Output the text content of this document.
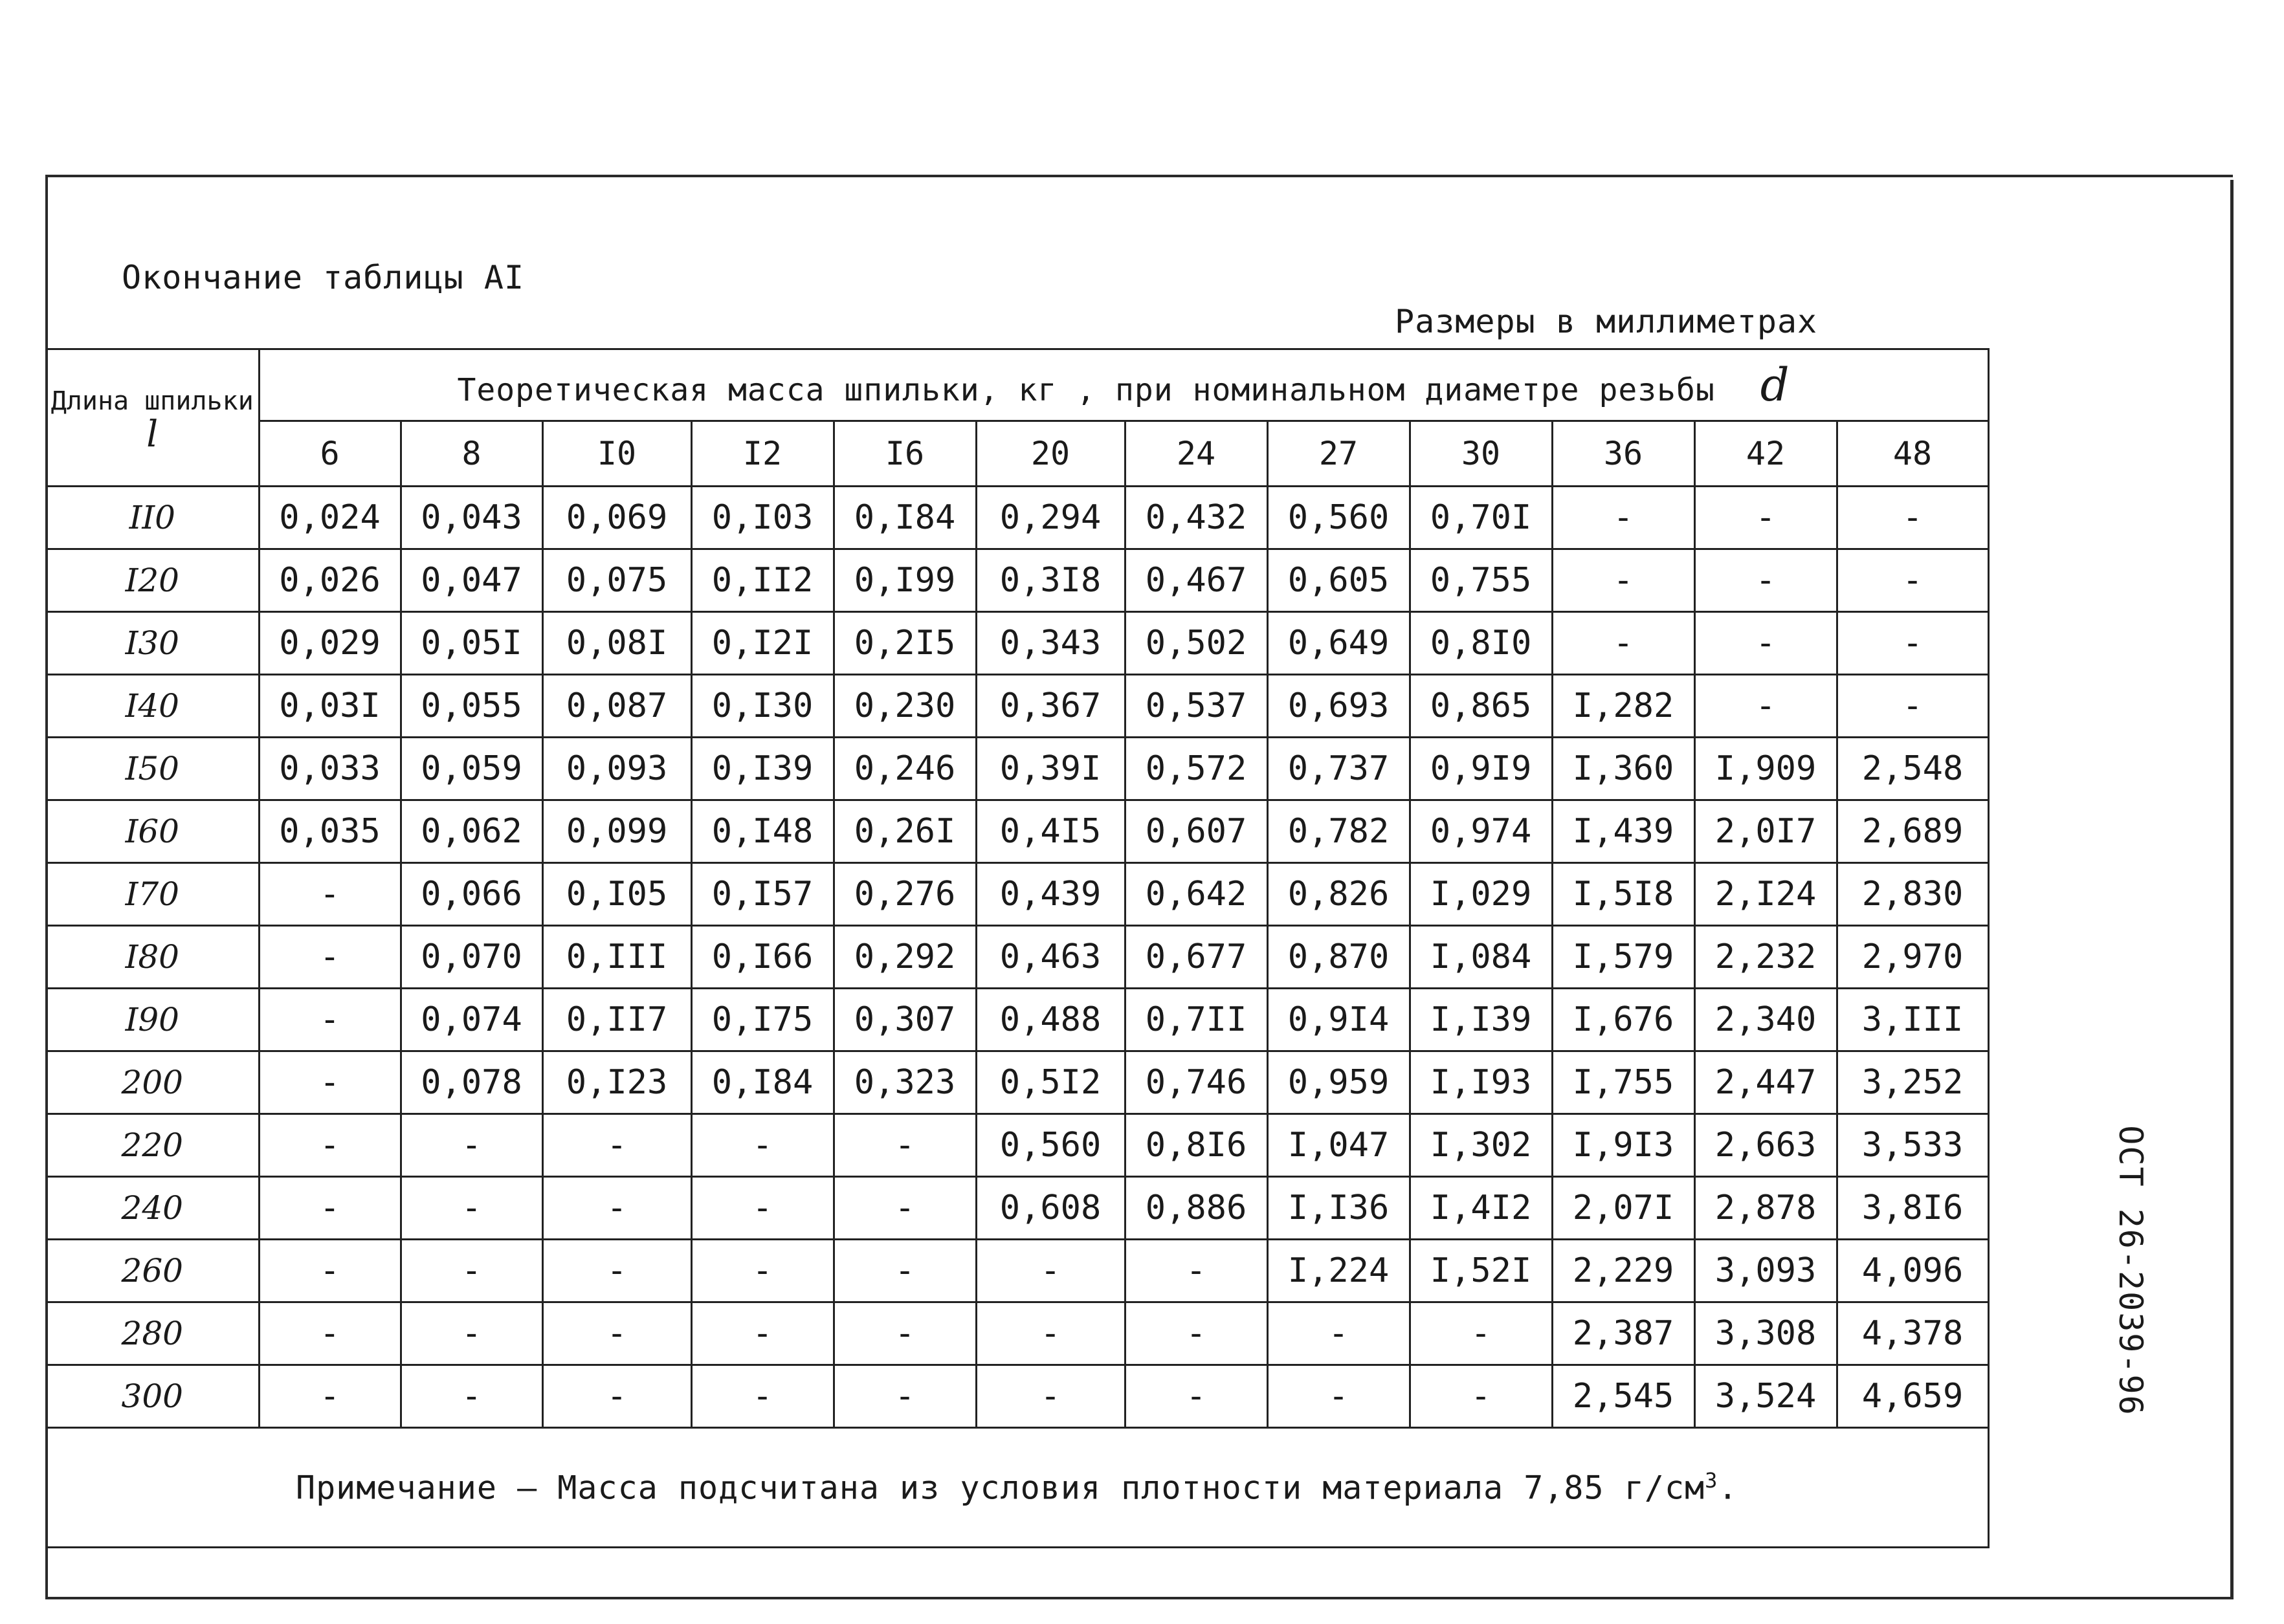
Окончание таблицы АI
Размеры в миллиметрах
ОСТ 26-2039-96
Длина шпильки
l	Теоретическая масса шпильки, кг , при номинальном диаметре резьбы d											
	6	8	I0	I2	I6	20	24	27	30	36	42	48
II0	0,024	0,043	0,069	0,I03	0,I84	0,294	0,432	0,560	0,70I	-	-	-
I20	0,026	0,047	0,075	0,II2	0,I99	0,3I8	0,467	0,605	0,755	-	-	-
I30	0,029	0,05I	0,08I	0,I2I	0,2I5	0,343	0,502	0,649	0,8I0	-	-	-
I40	0,03I	0,055	0,087	0,I30	0,230	0,367	0,537	0,693	0,865	I,282	-	-
I50	0,033	0,059	0,093	0,I39	0,246	0,39I	0,572	0,737	0,9I9	I,360	I,909	2,548
I60	0,035	0,062	0,099	0,I48	0,26I	0,4I5	0,607	0,782	0,974	I,439	2,0I7	2,689
I70	-	0,066	0,I05	0,I57	0,276	0,439	0,642	0,826	I,029	I,5I8	2,I24	2,830
I80	-	0,070	0,III	0,I66	0,292	0,463	0,677	0,870	I,084	I,579	2,232	2,970
I90	-	0,074	0,II7	0,I75	0,307	0,488	0,7II	0,9I4	I,I39	I,676	2,340	3,III
200	-	0,078	0,I23	0,I84	0,323	0,5I2	0,746	0,959	I,I93	I,755	2,447	3,252
220	-	-	-	-	-	0,560	0,8I6	I,047	I,302	I,9I3	2,663	3,533
240	-	-	-	-	-	0,608	0,886	I,I36	I,4I2	2,07I	2,878	3,8I6
260	-	-	-	-	-	-	-	I,224	I,52I	2,229	3,093	4,096
280	-	-	-	-	-	-	-	-	-	2,387	3,308	4,378
300	-	-	-	-	-	-	-	-	-	2,545	3,524	4,659
Примечание – Масса подсчитана из условия плотности материала 7,85 $г/см^3$.												
